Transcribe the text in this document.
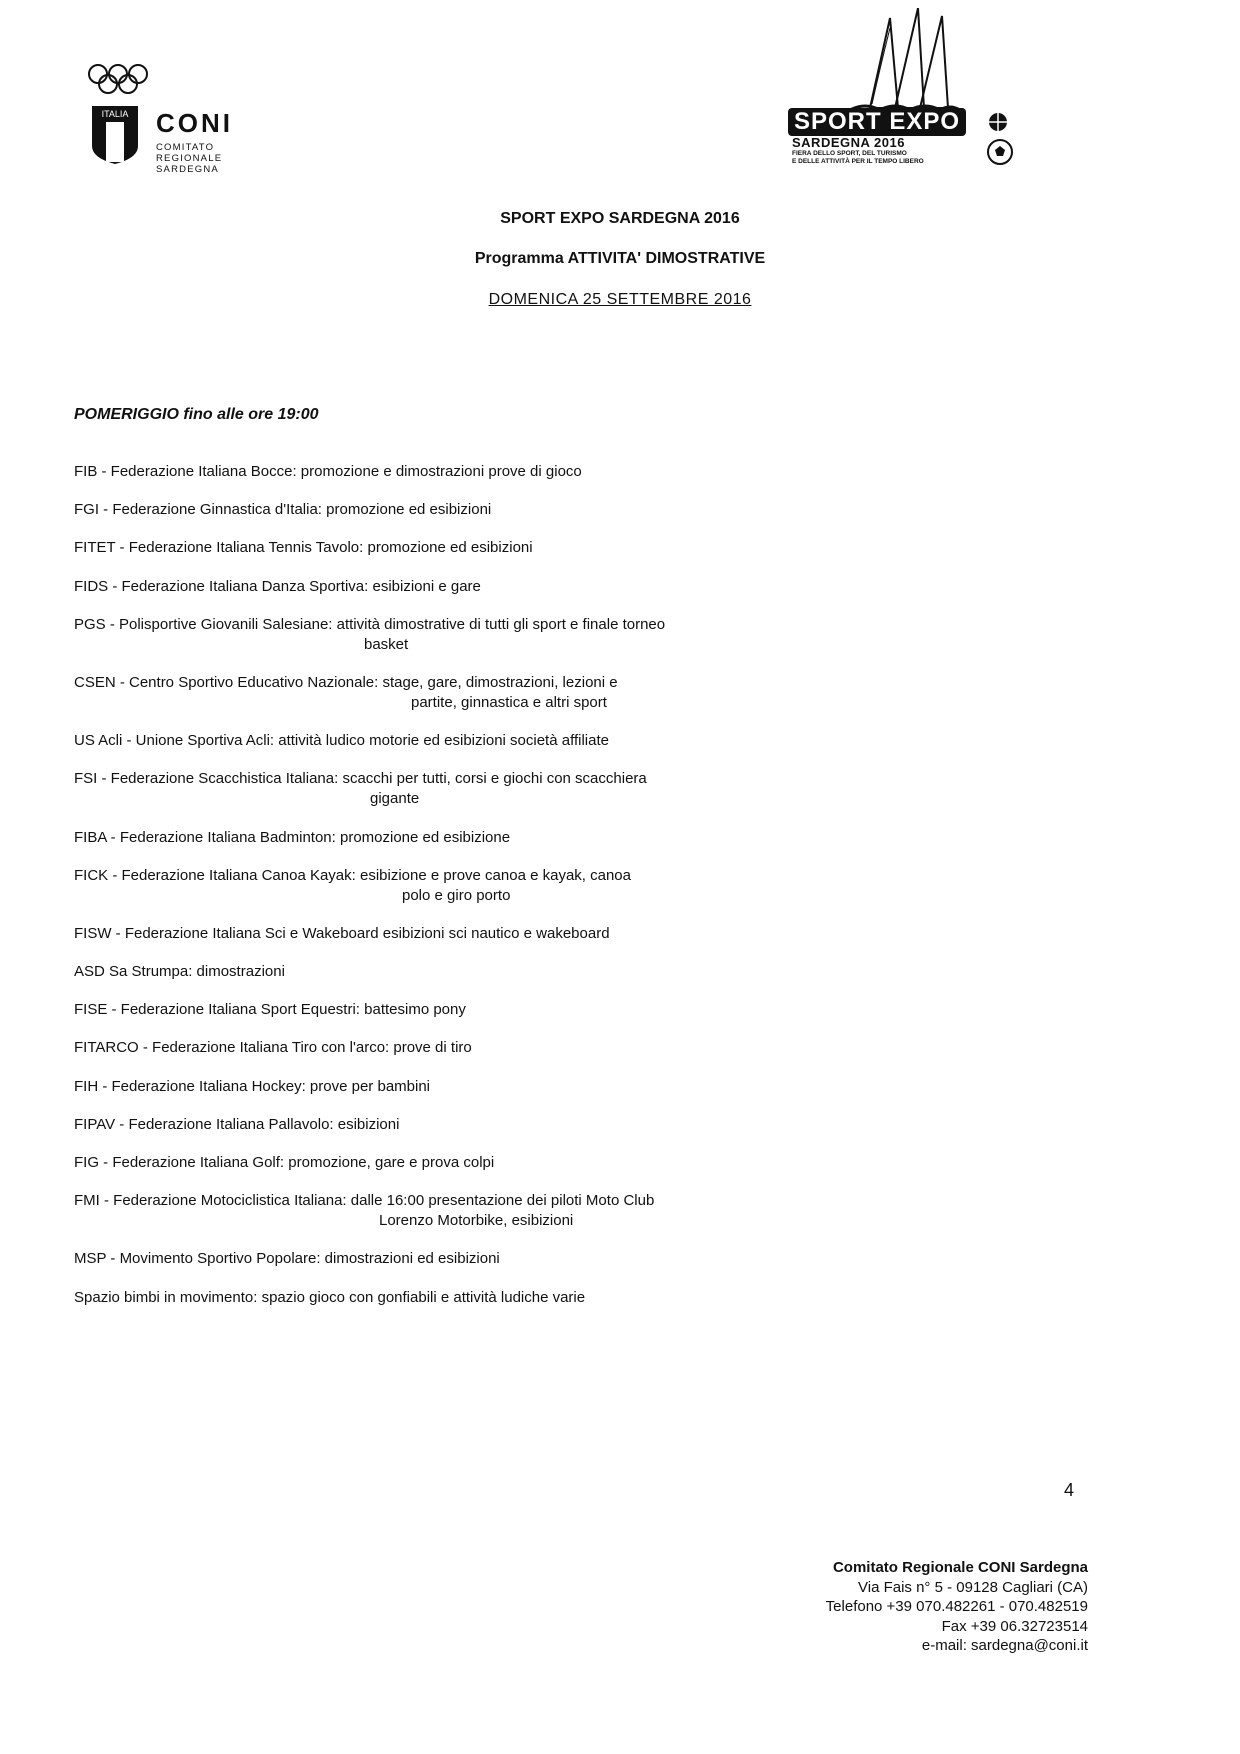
ITALIA CONI
COMITATO
REGIONALE
SARDEGNA
SPORT EXPO
SARDEGNA 2016
FIERA DELLO SPORT, DEL TURISMO
E DELLE ATTIVITÀ PER IL TEMPO LIBERO
SPORT EXPO SARDEGNA 2016
Programma ATTIVITA' DIMOSTRATIVE
DOMENICA 25 SETTEMBRE 2016
POMERIGGIO fino alle ore 19:00
FIB - Federazione Italiana Bocce: promozione e dimostrazioni prove di gioco
FGI - Federazione Ginnastica d'Italia: promozione ed esibizioni
FITET - Federazione Italiana Tennis Tavolo: promozione ed esibizioni
FIDS - Federazione Italiana Danza Sportiva: esibizioni e gare
PGS - Polisportive Giovanili Salesiane: attività dimostrative di tutti gli sport e finale torneo
basket
CSEN - Centro Sportivo Educativo Nazionale: stage, gare, dimostrazioni, lezioni e
partite, ginnastica e altri sport
US Acli - Unione Sportiva Acli: attività ludico motorie ed esibizioni società affiliate
FSI - Federazione Scacchistica Italiana: scacchi per tutti, corsi e giochi con scacchiera
gigante
FIBA - Federazione Italiana Badminton: promozione ed esibizione
FICK - Federazione Italiana Canoa Kayak: esibizione e prove canoa e kayak, canoa
polo e giro porto
FISW - Federazione Italiana Sci e Wakeboard esibizioni sci nautico e wakeboard
ASD Sa Strumpa: dimostrazioni
FISE - Federazione Italiana Sport Equestri: battesimo pony
FITARCO - Federazione Italiana Tiro con l'arco: prove di tiro
FIH - Federazione Italiana Hockey: prove per bambini
FIPAV - Federazione Italiana Pallavolo: esibizioni
FIG - Federazione Italiana Golf: promozione, gare e prova colpi
FMI - Federazione Motociclistica Italiana: dalle 16:00 presentazione dei piloti Moto Club
Lorenzo Motorbike, esibizioni
MSP - Movimento Sportivo Popolare: dimostrazioni ed esibizioni
Spazio bimbi in movimento: spazio gioco con gonfiabili e attività ludiche varie
4
Comitato Regionale CONI Sardegna
Via Fais n° 5 - 09128 Cagliari (CA)
Telefono +39 070.482261 - 070.482519
Fax +39 06.32723514
e-mail: sardegna@coni.it
